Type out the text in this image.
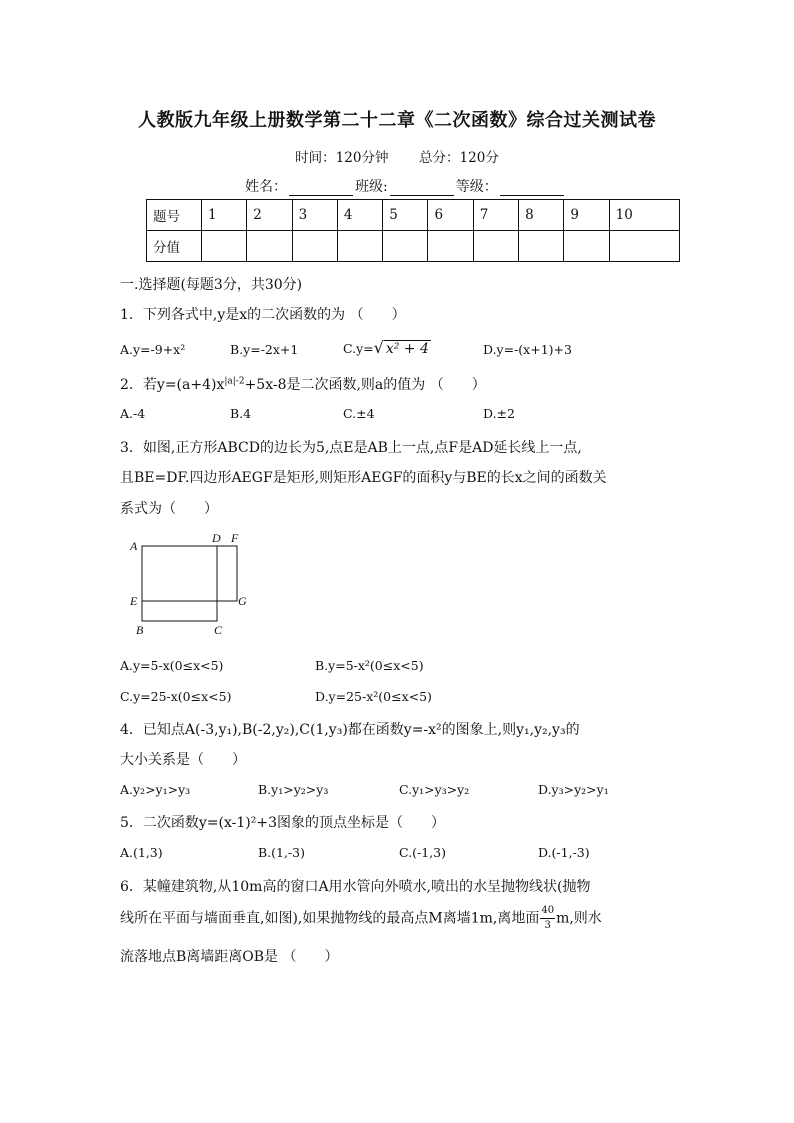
人教版九年级上册数学第二十二章《二次函数》综合过关测试卷
时间：120分钟 总分：120分
姓名：	班级:	等级：
题号	1	2	3	4	5	6	7	8	9	10
分值										
一.选择题(每题3分，共30分)
1．下列各式中,y是x的二次函数的为 （　　）
A.y=-9+x²	B.y=-2x+1	C.y=√ x² + 4	D.y=-(x+1)+3
2．若$y=(a+4)x^{|a|-2}+5x-8$是二次函数,则a的值为 （　　）
A.-4	B.4	C.±4	D.±2
3．如图,正方形ABCD的边长为5,点E是AB上一点,点F是AD延长线上一点,
且BE=DF.四边形AEGF是矩形,则矩形AEGF的面积y与BE的长x之间的函数关
系式为（　　）
A
D F
E	G
B	C
A.y=5-x(0≤x<5)	B.y=5-x²(0≤x<5)
C.y=25-x(0≤x<5)	D.y=25-x²(0≤x<5)
4．已知点A(-3,y₁),B(-2,y₂),C(1,y₃)都在函数y=-x²的图象上,则y₁,y₂,y₃的
大小关系是（　　）
A.y₂>y₁>y₃	B.y₁>y₂>y₃	C.y₁>y₃>y₂	D.y₃>y₂>y₁
5．二次函数y=(x-1)²+3图象的顶点坐标是（　　）
A.(1,3)	B.(1,-3)	C.(-1,3)	D.(-1,-3)
6．某幢建筑物,从10m高的窗口A用水管向外喷水,喷出的水呈抛物线状(抛物
线所在平面与墙面垂直,如图),如果抛物线的最高点M离墙1m,离地面 $\frac{40}{3} m$,则水
流落地点B离墙距离OB是 （　　）
